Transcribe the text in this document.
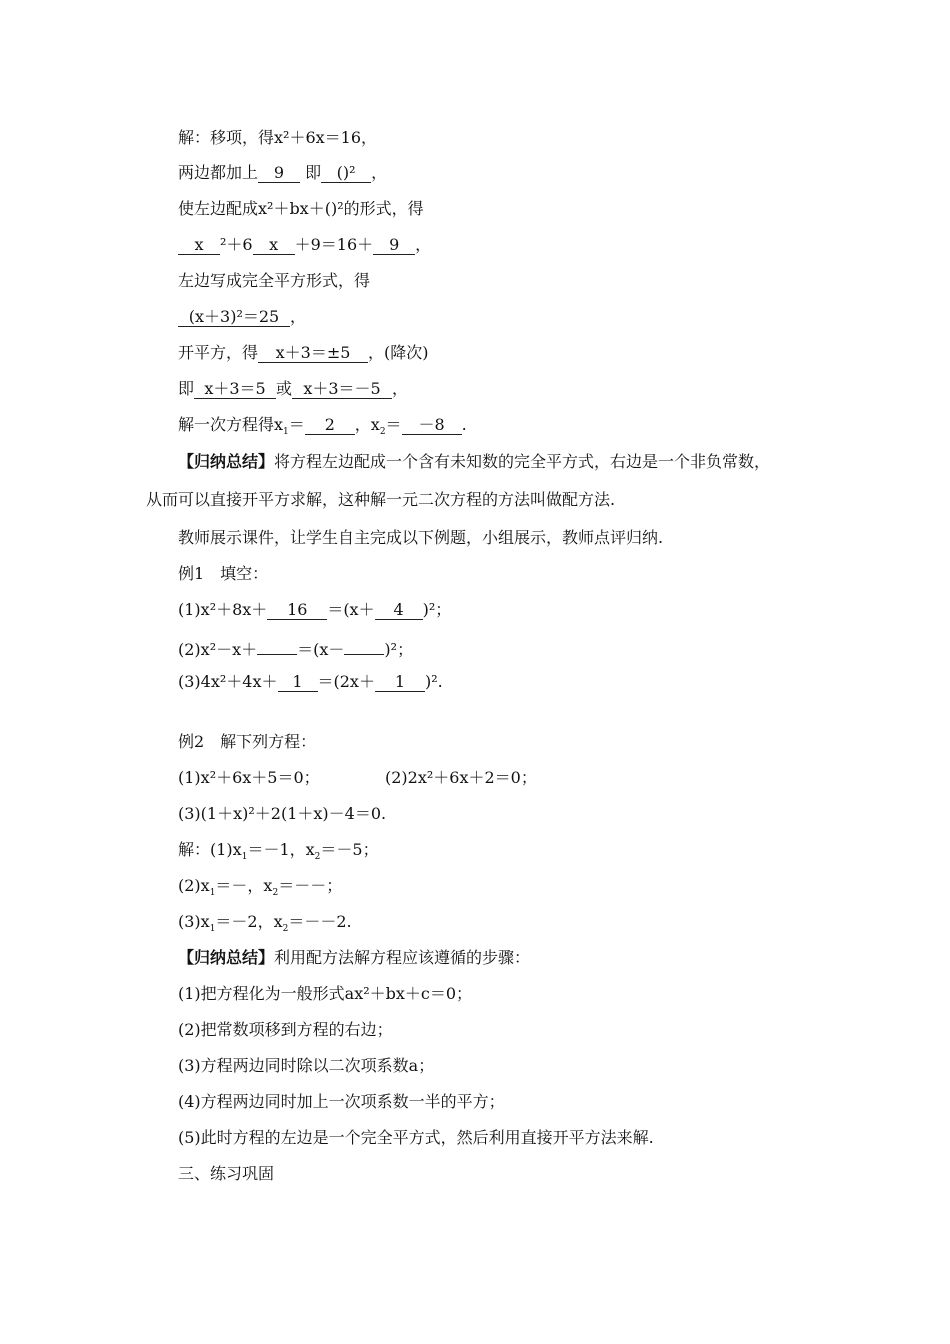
解：移项，得x²＋6x＝16，
两边都加上 9 即 ()² ，
使左边配成x²＋bx＋()²的形式，得
x ²＋6 x ＋9＝16＋ 9 ，
左边写成完全平方形式，得
(x＋3)²＝25 ，
开平方，得 x＋3＝±5 ，(降次)
即 x＋3＝5 或 x＋3＝－5 ，
解一次方程得$x_1= 2$ ，$x_2= -8$ .
【归纳总结】将方程左边配成一个含有未知数的完全平方式，右边是一个非负常数，
从而可以直接开平方求解，这种解一元二次方程的方法叫做配方法.
教师展示课件，让学生自主完成以下例题，小组展示，教师点评归纳.
例1　填空：
(1)x²＋8x＋ 16 ＝(x＋ 4 )²；
(2)x²－x＋	＝(x－	)²；
(3)4x²＋4x＋ 1 ＝(2x＋ 1 )².
例2　解下列方程：
(1)x²＋6x＋5＝0；	(2)2x²＋6x＋2＝0；
(3)(1＋x)²＋2(1＋x)－4＝0.
解：$(1)x_1=-1$，$x_2=-5$；
$(2)x_1=-$，$x_2=--$；
$(3)x_1=-2$，$x_2=--2$.
【归纳总结】利用配方法解方程应该遵循的步骤：
(1)把方程化为一般形式ax²＋bx＋c＝0；
(2)把常数项移到方程的右边；
(3)方程两边同时除以二次项系数a；
(4)方程两边同时加上一次项系数一半的平方；
(5)此时方程的左边是一个完全平方式，然后利用直接开平方法来解.
三、练习巩固
